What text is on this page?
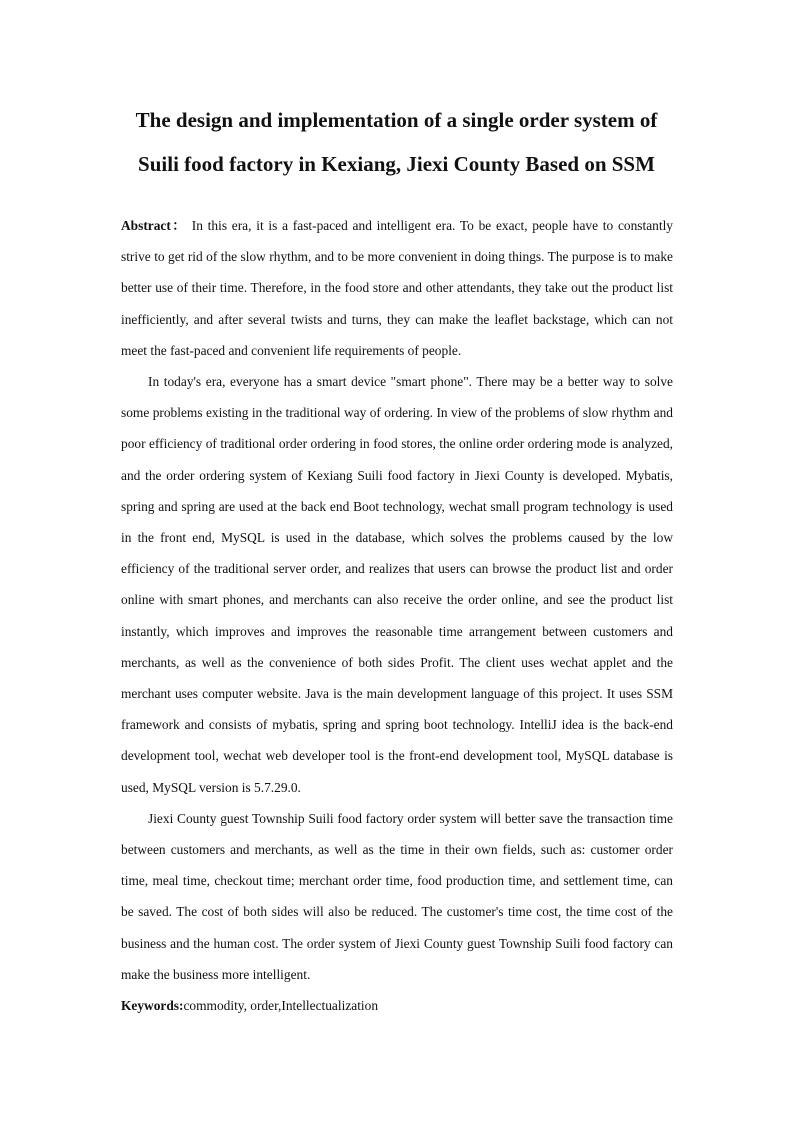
The design and implementation of a single order system of
Suili food factory in Kexiang, Jiexi County Based on SSM

Abstract： In this era, it is a fast-paced and intelligent era. To be exact, people have to constantly strive to get rid of the slow rhythm, and to be more convenient in doing things. The purpose is to make better use of their time. Therefore, in the food store and other attendants, they take out the product list inefficiently, and after several twists and turns, they can make the leaflet backstage, which can not meet the fast-paced and convenient life requirements of people.

In today's era, everyone has a smart device "smart phone". There may be a better way to solve some problems existing in the traditional way of ordering. In view of the problems of slow rhythm and poor efficiency of traditional order ordering in food stores, the online order ordering mode is analyzed, and the order ordering system of Kexiang Suili food factory in Jiexi County is developed. Mybatis, spring and spring are used at the back end Boot technology, wechat small program technology is used in the front end, MySQL is used in the database, which solves the problems caused by the low efficiency of the traditional server order, and realizes that users can browse the product list and order online with smart phones, and merchants can also receive the order online, and see the product list instantly, which improves and improves the reasonable time arrangement between customers and merchants, as well as the convenience of both sides Profit. The client uses wechat applet and the merchant uses computer website. Java is the main development language of this project. It uses SSM framework and consists of mybatis, spring and spring boot technology. IntelliJ idea is the back-end development tool, wechat web developer tool is the front-end development tool, MySQL database is used, MySQL version is 5.7.29.0.

Jiexi County guest Township Suili food factory order system will better save the transaction time between customers and merchants, as well as the time in their own fields, such as: customer order time, meal time, checkout time; merchant order time, food production time, and settlement time, can be saved. The cost of both sides will also be reduced. The customer's time cost, the time cost of the business and the human cost. The order system of Jiexi County guest Township Suili food factory can make the business more intelligent.

Keywords:commodity, order,Intellectualization
